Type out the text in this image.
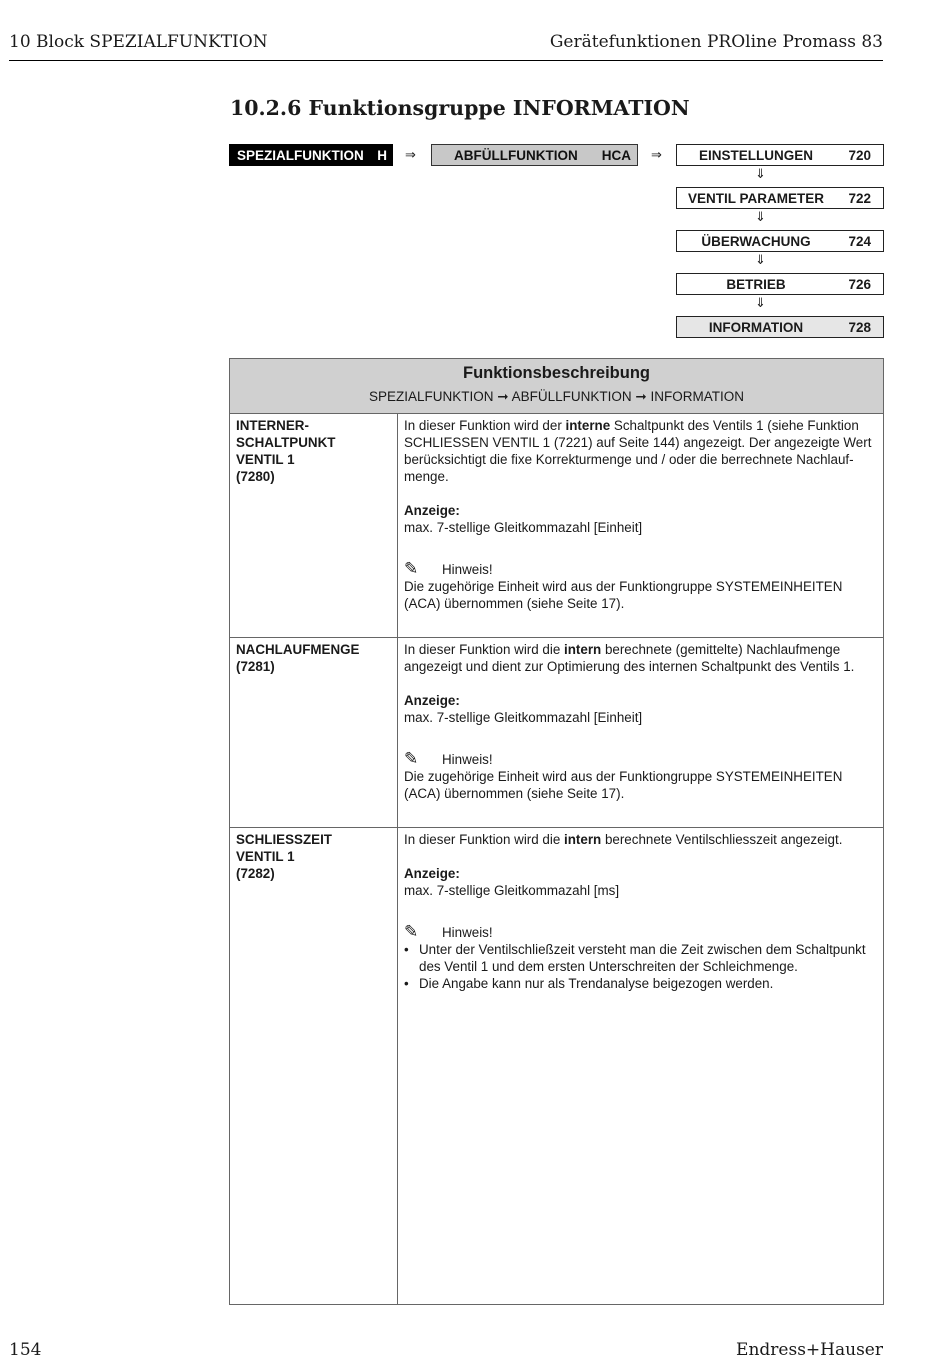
10 Block SPEZIALFUNKTION	Gerätefunktionen PROline Promass 83
10.2.6 Funktionsgruppe INFORMATION
SPEZIALFUNKTION H ⇒	ABFÜLLFUNKTION HCA ⇒	EINSTELLUNGEN	720
⇓
VENTIL PARAMETER	722
⇓
ÜBERWACHUNG	724
⇓
BETRIEB	726
⇓
INFORMATION	728
Funktionsbeschreibung
SPEZIALFUNKTION ➞ ABFÜLLFUNKTION ➞ INFORMATION
INTERNER-
SCHALTPUNKT
VENTIL 1
(7280)

In dieser Funktion wird der interne Schaltpunkt des Ventils 1 (siehe Funktion SCHLIESSEN VENTIL 1 (7221) auf Seite 144) angezeigt. Der angezeigte Wert berücksichtigt die fixe Korrekturmenge und / oder die berrechnete Nachlauf-menge.

Anzeige:

max. 7-stellige Gleitkommazahl [Einheit]

✎	Hinweis!

Die zugehörige Einheit wird aus der Funktiongruppe SYSTEMEINHEITEN (ACA) übernommen (siehe Seite 17).

NACHLAUFMENGE
(7281)

In dieser Funktion wird die intern berechnete (gemittelte) Nachlaufmenge angezeigt und dient zur Optimierung des internen Schaltpunkt des Ventils 1.

Anzeige:

max. 7-stellige Gleitkommazahl [Einheit]

✎	Hinweis!

Die zugehörige Einheit wird aus der Funktiongruppe SYSTEMEINHEITEN (ACA) übernommen (siehe Seite 17).

SCHLIESSZEIT
VENTIL 1
(7282)

In dieser Funktion wird die intern berechnete Ventilschliesszeit angezeigt.

Anzeige:

max. 7-stellige Gleitkommazahl [ms]

✎	Hinweis!
• Unter der Ventilschließzeit versteht man die Zeit zwischen dem Schaltpunkt des Ventil 1 und dem ersten Unterschreiten der Schleichmenge.
• Die Angabe kann nur als Trendanalyse beigezogen werden.
154	Endress+Hauser
